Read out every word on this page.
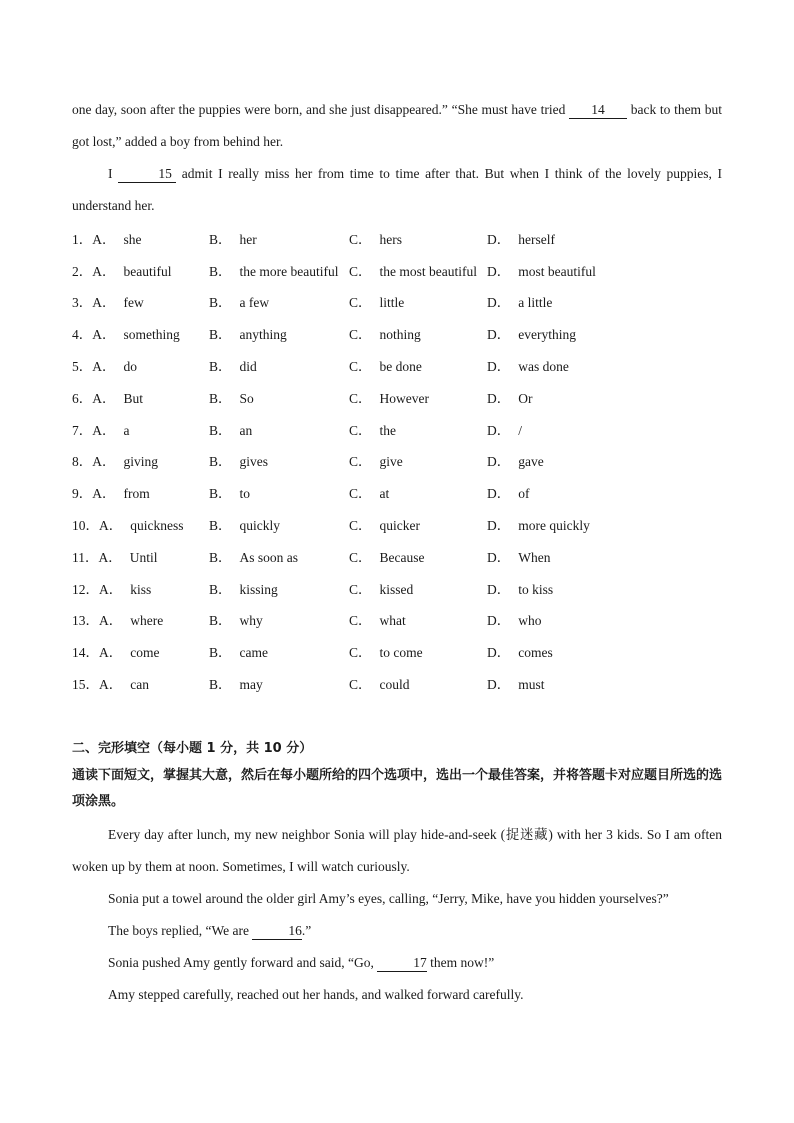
one day, soon after the puppies were born, and she just disappeared.” “She must have tried 14 back to them but got lost,” added a boy from behind her.

I	15 admit I really miss her from time to time after that. But when I think of the lovely puppies, I understand her.

1．A． she	B． her	C． hers	D． herself
2．A． beautiful	B． the more beautiful C． the most beautiful D． most beautiful
3．A． few	B． a few	C． little	D． a little
4．A． something	B． anything	C． nothing	D． everything
5．A． do	B． did	C． be done	D． was done
6．A． But	B． So	C． However	D． Or
7．A． a	B． an	C． the	D． /
8．A． giving	B． gives	C． give	D． gave
9．A． from	B． to	C． at	D． of
10．A． quickness	B． quickly	C． quicker	D． more quickly
11．A． Until	B． As soon as	C． Because	D． When
12．A． kiss	B． kissing	C． kissed	D． to kiss
13．A． where	B． why	C． what	D． who
14．A． come	B． came	C． to come	D． comes
15．A． can	B． may	C． could	D． must
二、完形填空（每小题 1 分，共 10 分）
通读下面短文，掌握其大意，然后在每小题所给的四个选项中，选出一个最佳答案，并将答题卡对应题目所选的选项涂黑。

Every day after lunch, my new neighbor Sonia will play hide-and-seek (捉迷藏) with her 3 kids. So I am often woken up by them at noon. Sometimes, I will watch curiously.

Sonia put a towel around the older girl Amy’s eyes, calling, “Jerry, Mike, have you hidden yourselves?”

The boys replied, “We are	16.”

Sonia pushed Amy gently forward and said, “Go,	17 them now!”

Amy stepped carefully, reached out her hands, and walked forward carefully.
